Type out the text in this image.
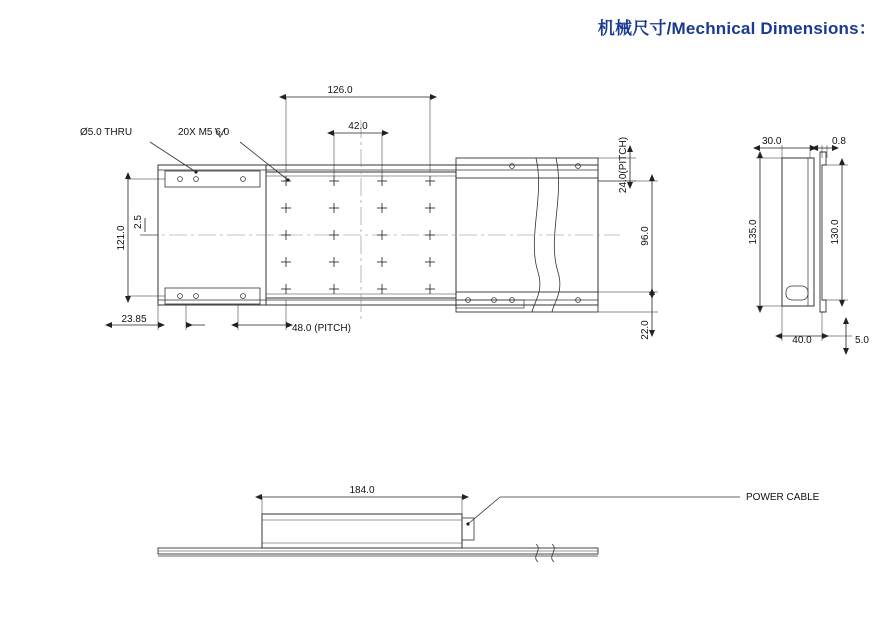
机械尺寸/Mechnical Dimensions：
Ø5.0 THRU	20X M5 6.0
126.0
42.0
121.0
2.5
23.85
48.0 (PITCH)
24.0(PITCH)
96.0
22.0
30.0	0.8
135.0	130.0
40.0	5.0
184.0
POWER CABLE
